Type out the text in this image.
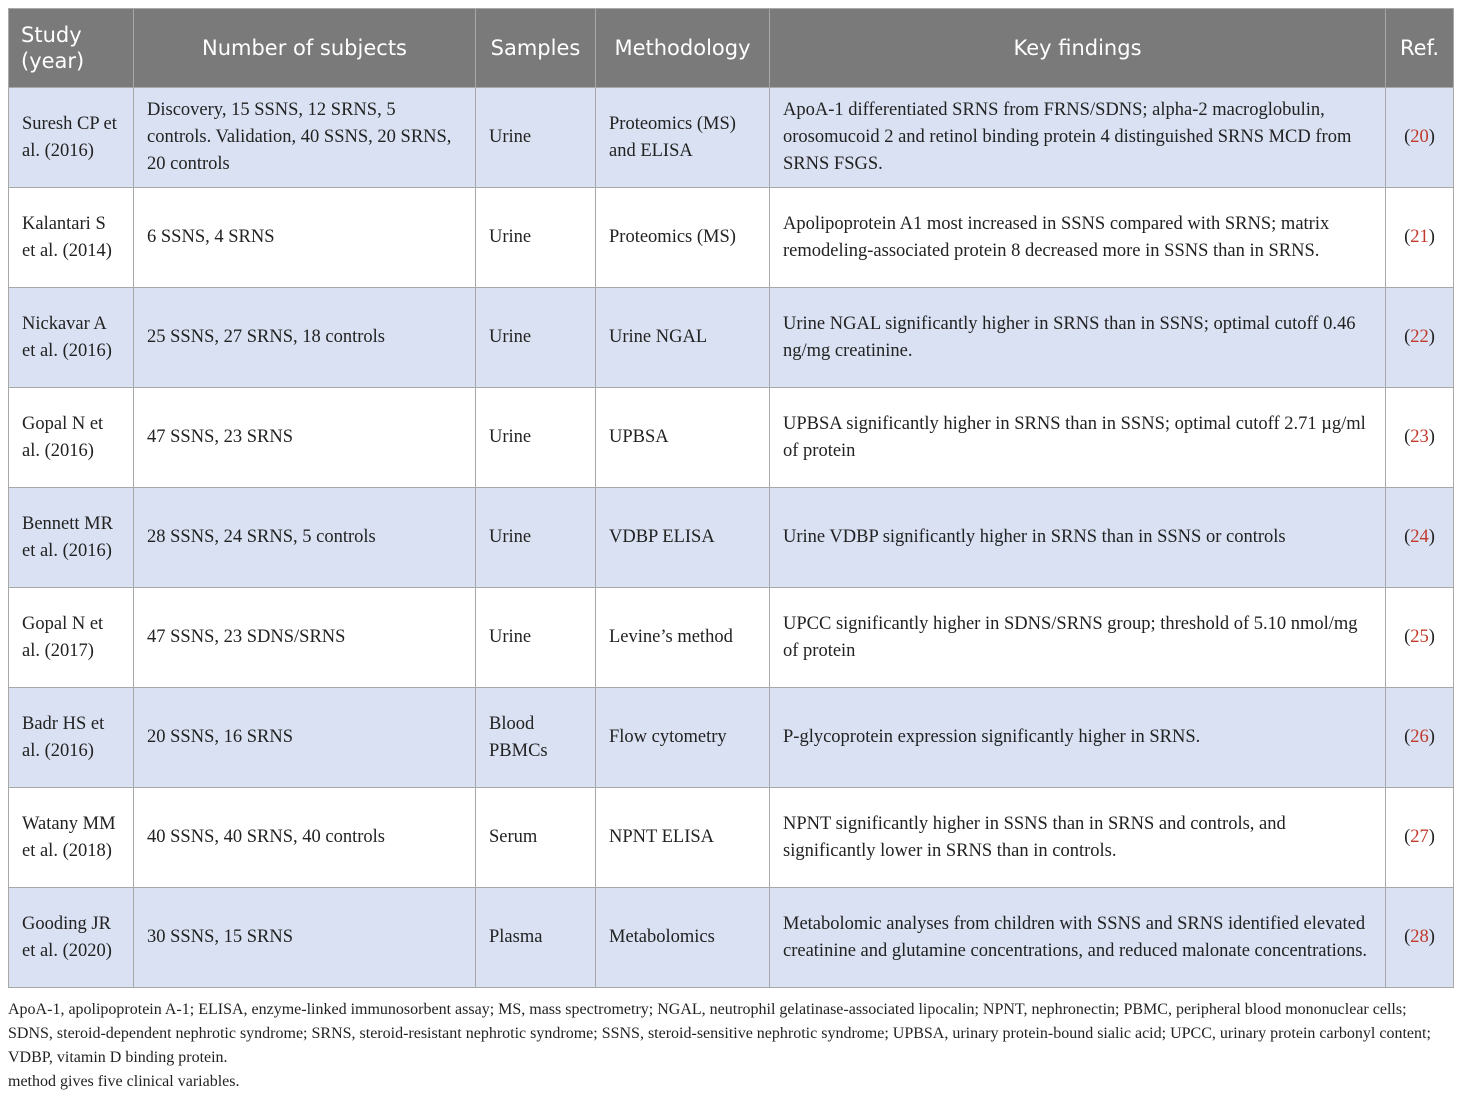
Study (year)	Number of subjects	Samples	Methodology	Key findings	Ref.
Suresh CP et al. (2016)	Discovery, 15 SSNS, 12 SRNS, 5 controls. Validation, 40 SSNS, 20 SRNS, 20 controls	Urine	Proteomics (MS) and ELISA	ApoA-1 differentiated SRNS from FRNS/SDNS; alpha-2 macroglobulin, orosomucoid 2 and retinol binding protein 4 distinguished SRNS MCD from SRNS FSGS.	(20)
Kalantari S et al. (2014)	6 SSNS, 4 SRNS	Urine	Proteomics (MS)	Apolipoprotein A1 most increased in SSNS compared with SRNS; matrix remodeling-associated protein 8 decreased more in SSNS than in SRNS.	(21)
Nickavar A et al. (2016)	25 SSNS, 27 SRNS, 18 controls	Urine	Urine NGAL	Urine NGAL significantly higher in SRNS than in SSNS; optimal cutoff 0.46 ng/mg creatinine.	(22)
Gopal N et al. (2016)	47 SSNS, 23 SRNS	Urine	UPBSA	UPBSA significantly higher in SRNS than in SSNS; optimal cutoff 2.71 µg/ml of protein	(23)
Bennett MR et al. (2016)	28 SSNS, 24 SRNS, 5 controls	Urine	VDBP ELISA	Urine VDBP significantly higher in SRNS than in SSNS or controls	(24)
Gopal N et al. (2017)	47 SSNS, 23 SDNS/SRNS	Urine	Levine’s method	UPCC significantly higher in SDNS/SRNS group; threshold of 5.10 nmol/mg of protein	(25)
Badr HS et al. (2016)	20 SSNS, 16 SRNS	Blood PBMCs	Flow cytometry	P-glycoprotein expression significantly higher in SRNS.	(26)
Watany MM et al. (2018)	40 SSNS, 40 SRNS, 40 controls	Serum	NPNT ELISA	NPNT significantly higher in SSNS than in SRNS and controls, and significantly lower in SRNS than in controls.	(27)
Gooding JR et al. (2020)	30 SSNS, 15 SRNS	Plasma	Metabolomics	Metabolomic analyses from children with SSNS and SRNS identified elevated creatinine and glutamine concentrations, and reduced malonate concentrations.	(28)
ApoA-1, apolipoprotein A-1; ELISA, enzyme-linked immunosorbent assay; MS, mass spectrometry; NGAL, neutrophil gelatinase-associated lipocalin; NPNT, nephronectin; PBMC, peripheral blood mononuclear cells; SDNS, steroid-dependent nephrotic syndrome; SRNS, steroid-resistant nephrotic syndrome; SSNS, steroid-sensitive nephrotic syndrome; UPBSA, urinary protein-bound sialic acid; UPCC, urinary protein carbonyl content; VDBP, vitamin D binding protein.
method gives five clinical variables.
